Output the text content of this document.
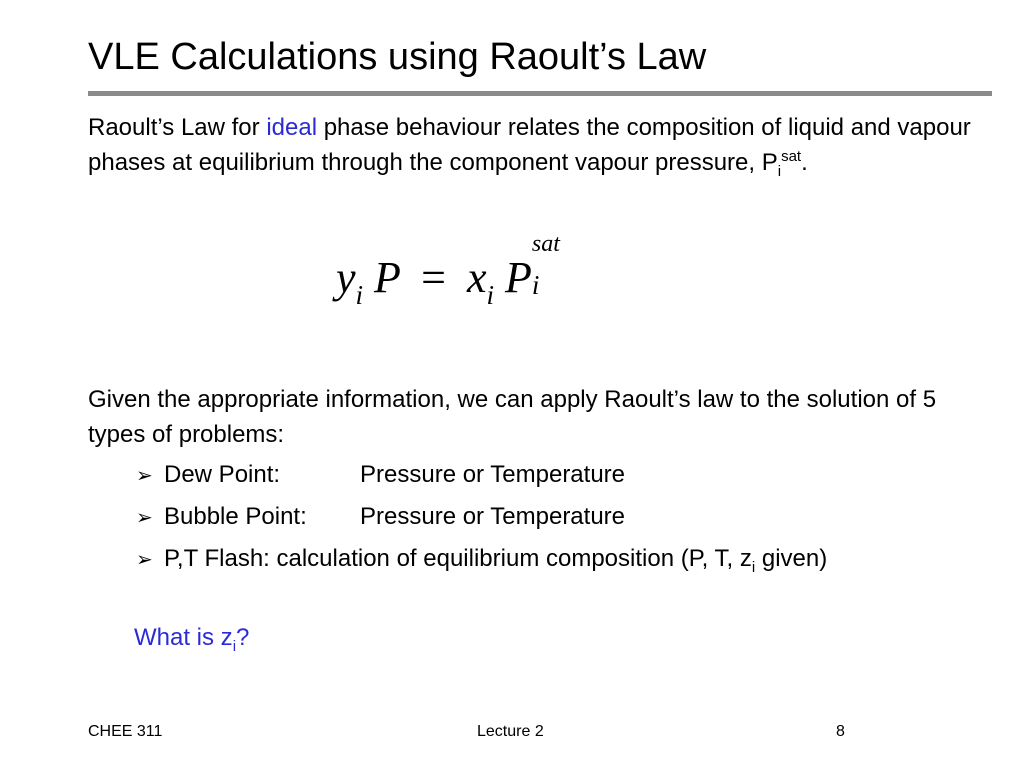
VLE Calculations using Raoult’s Law
Raoult’s Law for ideal phase behaviour relates the composition of liquid and vapour phases at equilibrium through the component vapour pressure, $P_i^{sat}$.
$y_i$ $P = x_i$ P
sat
i

Given the appropriate information, we can apply Raoult’s law to the solution of 5 types of problems:
➢ Dew Point:	Pressure or Temperature
➢ Bubble Point: Pressure or Temperature
➢ P,T Flash: calculation of equilibrium composition (P, T, $z_i$ given)
What is $z_i$?
CHEE 311	Lecture 2	8
